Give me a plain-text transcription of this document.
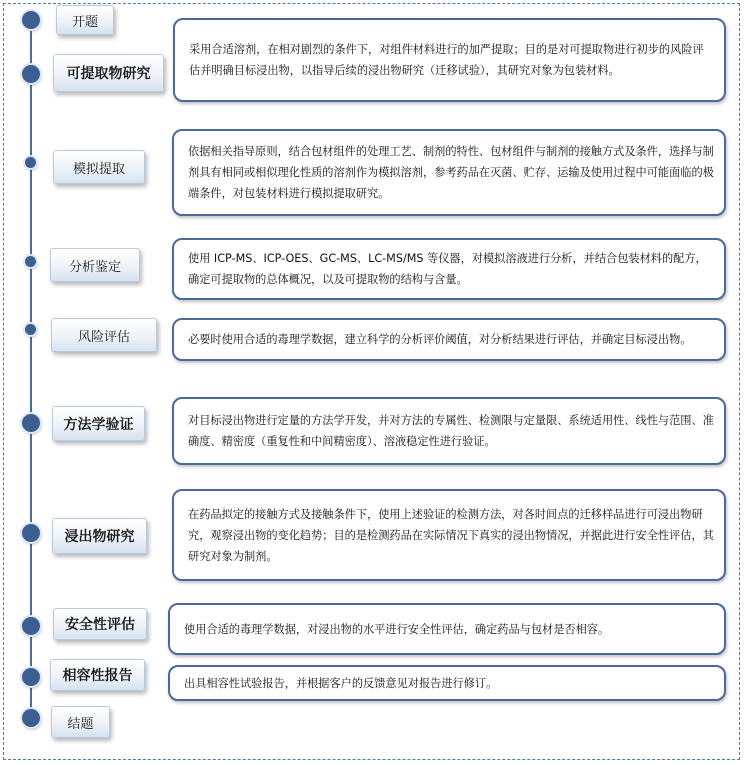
开题
可提取物研究
模拟提取
分析鉴定
风险评估
方法学验证
浸出物研究
安全性评估
相容性报告
结题
采用合适溶剂，在相对剧烈的条件下，对组件材料进行的加严提取；目的是对可提取物进行初步的风险评估并明确目标浸出物，以指导后续的浸出物研究（迁移试验），其研究对象为包装材料。
依据相关指导原则，结合包材组件的处理工艺、制剂的特性、包材组件与制剂的接触方式及条件，选择与制剂具有相同或相似理化性质的溶剂作为模拟溶剂，参考药品在灭菌、贮存、运输及使用过程中可能面临的极端条件，对包装材料进行模拟提取研究。
使用 ICP-MS、ICP-OES、GC-MS、LC-MS/MS 等仪器，对模拟溶液进行分析，并结合包装材料的配方，确定可提取物的总体概况，以及可提取物的结构与含量。
必要时使用合适的毒理学数据，建立科学的分析评价阈值，对分析结果进行评估，并确定目标浸出物。
对目标浸出物进行定量的方法学开发，并对方法的专属性、检测限与定量限、系统适用性、线性与范围、准确度、精密度（重复性和中间精密度）、溶液稳定性进行验证。
在药品拟定的接触方式及接触条件下，使用上述验证的检测方法，对各时间点的迁移样品进行可浸出物研究，观察浸出物的变化趋势；目的是检测药品在实际情况下真实的浸出物情况，并据此进行安全性评估，其研究对象为制剂。
使用合适的毒理学数据，对浸出物的水平进行安全性评估，确定药品与包材是否相容。
出具相容性试验报告，并根据客户的反馈意见对报告进行修订。
